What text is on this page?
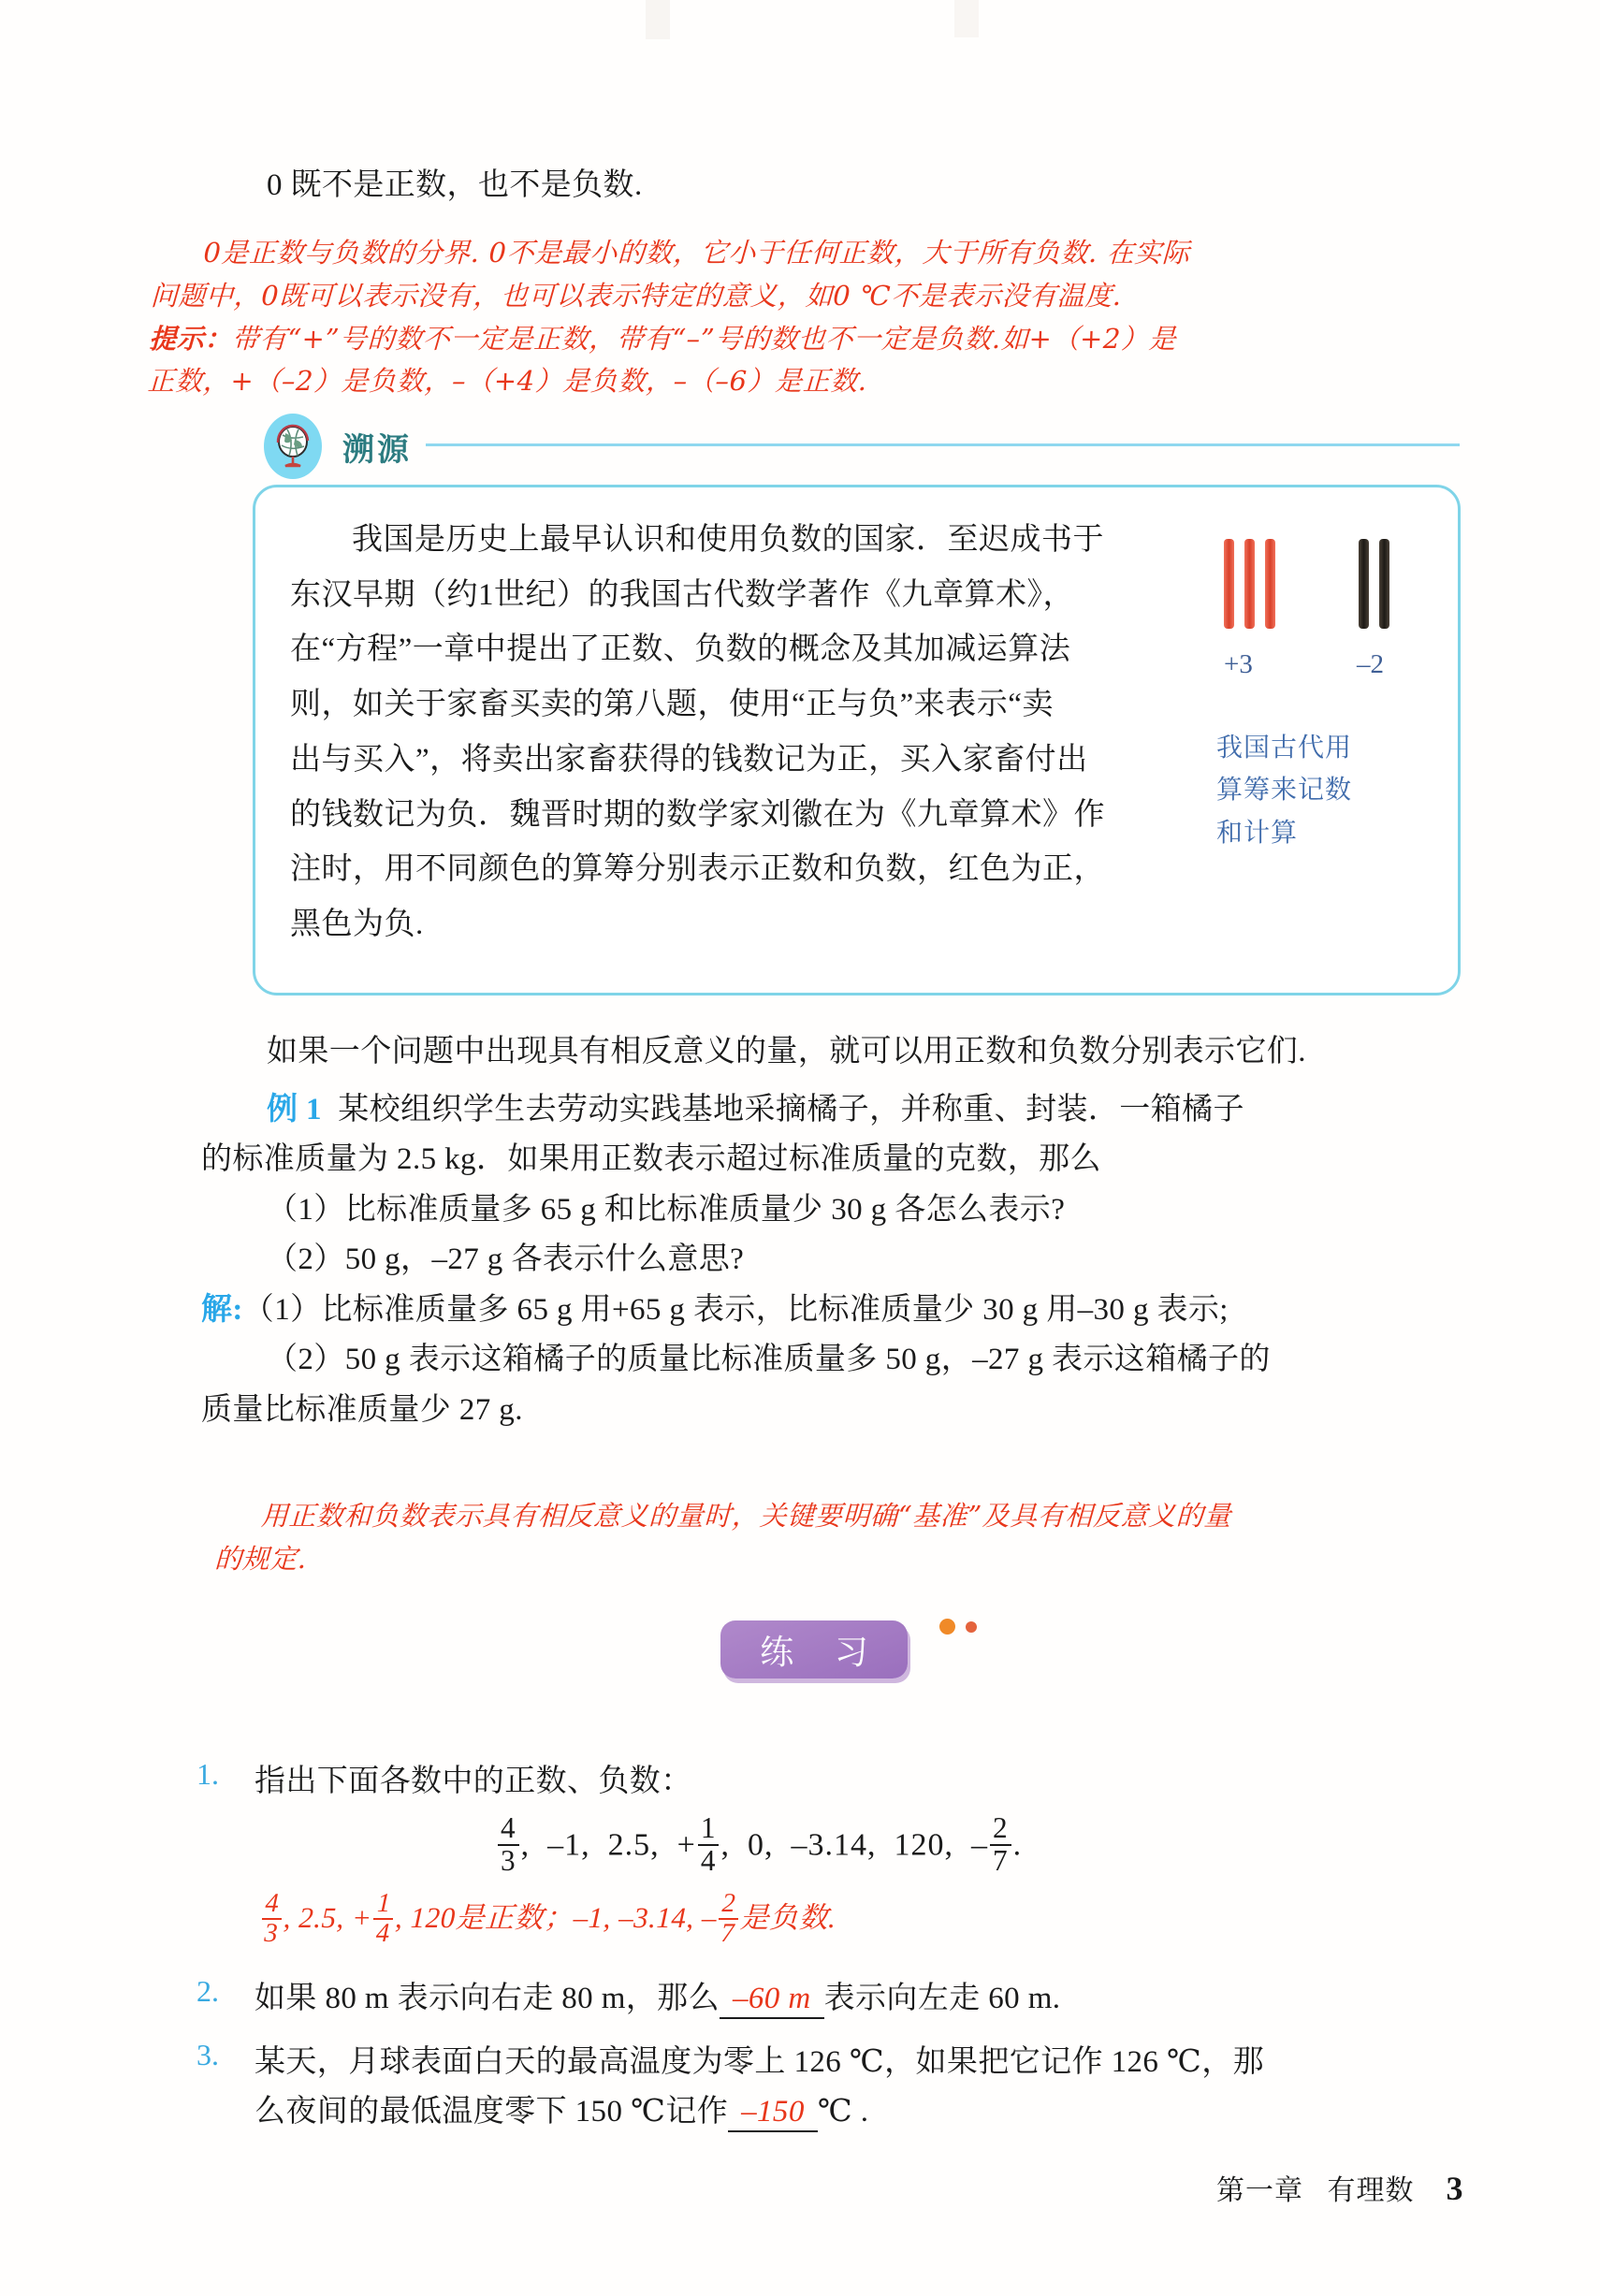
0 既不是正数，也不是负数.
0是正数与负数的分界. 0不是最小的数，它小于任何正数，大于所有负数. 在实际
问题中，0既可以表示没有，也可以表示特定的意义，如0 ℃不是表示没有温度.
提示：带有“+”号的数不一定是正数，带有“–”号的数也不一定是负数.如+（+2）是
正数，+（–2）是负数，–（+4）是负数，–（–6）是正数.
溯源
我国是历史上最早认识和使用负数的国家．至迟成书于
东汉早期（约1世纪）的我国古代数学著作《九章算术》，
在“方程”一章中提出了正数、负数的概念及其加减运算法
则，如关于家畜买卖的第八题，使用“正与负”来表示“卖
出与买入”，将卖出家畜获得的钱数记为正，买入家畜付出
的钱数记为负．魏晋时期的数学家刘徽在为《九章算术》作
注时，用不同颜色的算筹分别表示正数和负数，红色为正，
黑色为负.
+3	–2
我国古代用
算筹来记数
和计算
如果一个问题中出现具有相反意义的量，就可以用正数和负数分别表示它们.
例 1 某校组织学生去劳动实践基地采摘橘子，并称重、封装．一箱橘子
的标准质量为 2.5 kg．如果用正数表示超过标准质量的克数，那么
（1）比标准质量多 65 g 和比标准质量少 30 g 各怎么表示?
（2）50 g，–27 g 各表示什么意思?
解:（1）比标准质量多 65 g 用+65 g 表示，比标准质量少 30 g 用–30 g 表示;
（2）50 g 表示这箱橘子的质量比标准质量多 50 g，–27 g 表示这箱橘子的
质量比标准质量少 27 g.
用正数和负数表示具有相反意义的量时，关键要明确“基准”及具有相反意义的量
的规定.
练 习
1. 指出下面各数中的正数、负数：
$\frac{4}{3}$ ,  –1,  2.5,  + $\frac{1}{4}$ ,  0,  –3.14,  120,  – $\frac{2}{7}$ .
$\frac{4}{3}$ , 2.5, + $\frac{1}{4}$ , 120是正数；–1, –3.14, – $\frac{2}{7}$ 是负数.
2. 如果 80 m 表示向右走 80 m，那么 –60 m 表示向左走 60 m.
3. 某天，月球表面白天的最高温度为零上 126 ℃，如果把它记作 126 ℃，那
么夜间的最低温度零下 150 ℃记作 –150 ℃ .
第一章 有理数 3
